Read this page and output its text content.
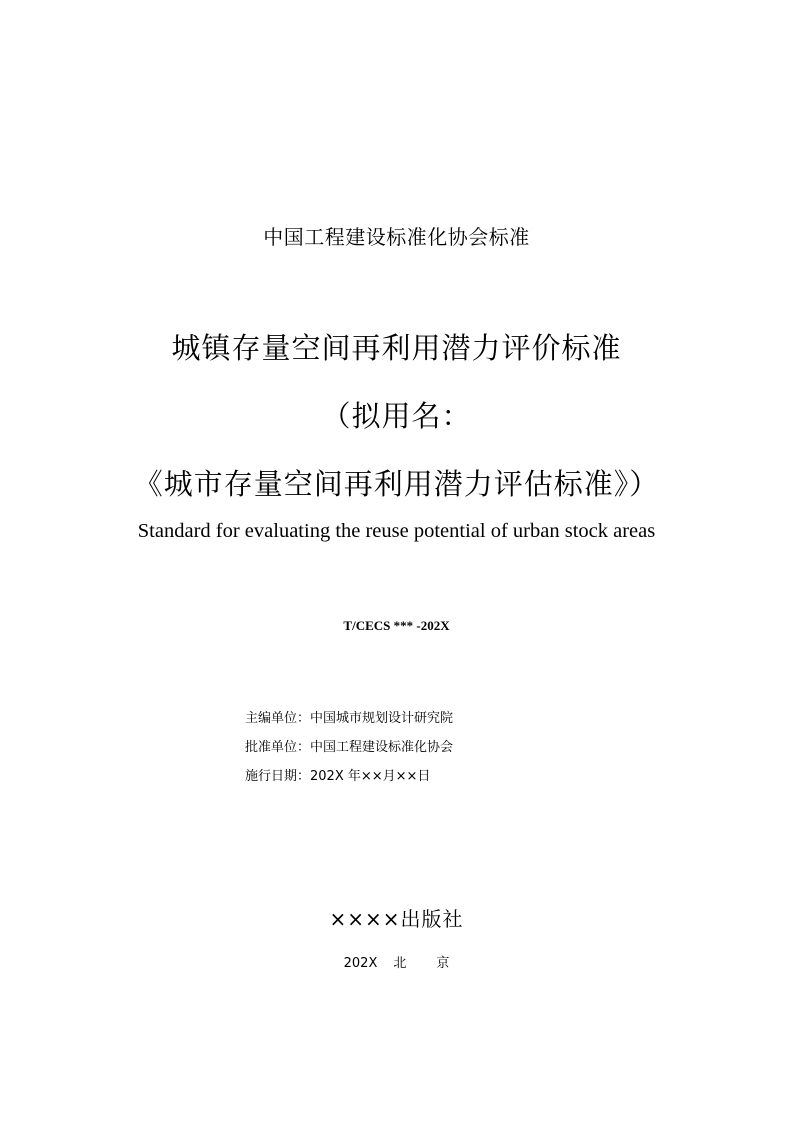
中国工程建设标准化协会标准
城镇存量空间再利用潜力评价标准
（拟用名：
《城市存量空间再利用潜力评估标准》）
Standard for evaluating the reuse potential of urban stock areas
T/CECS *** -202X
主编单位：中国城市规划设计研究院
批准单位：中国工程建设标准化协会
施行日期：202X 年××月××日
××××出版社
202X 北 京
